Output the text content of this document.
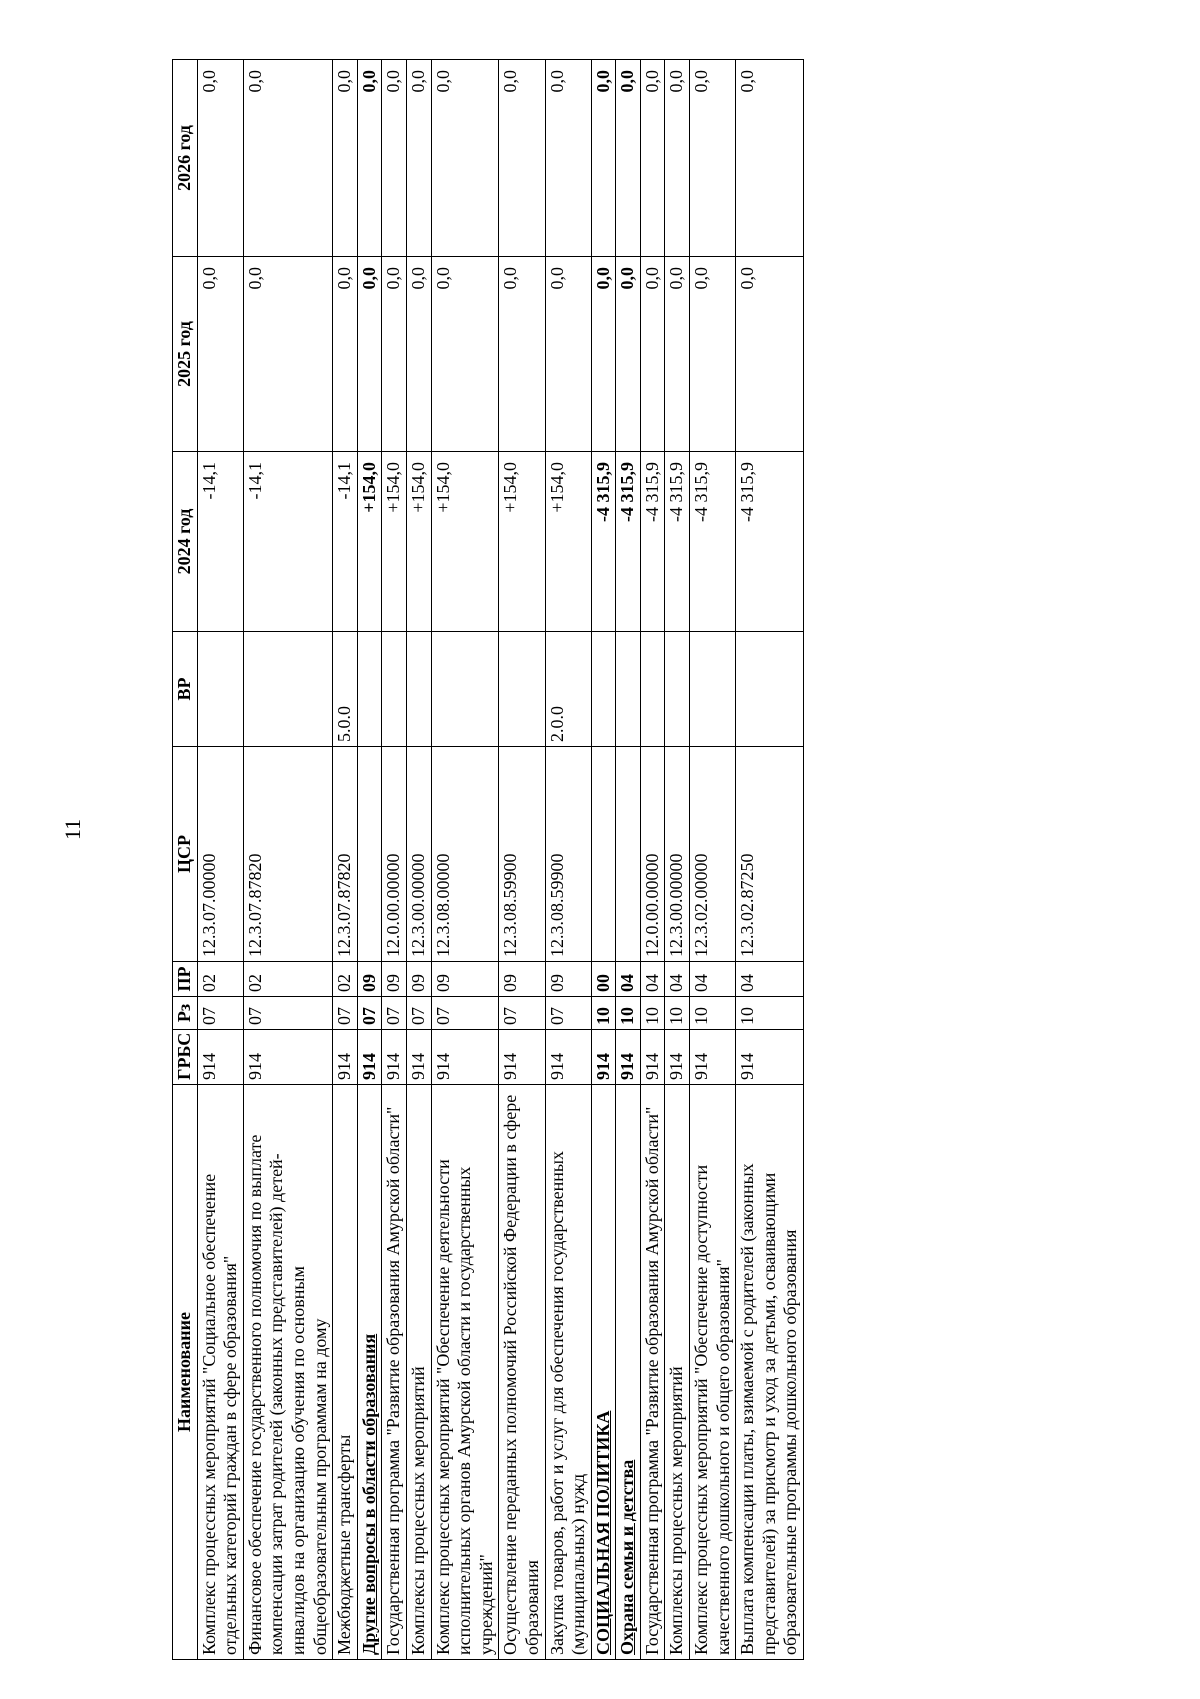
11
Наименование	ГРБС	Рз	ПР	ЦСР	ВР	2024 год	2025 год	2026 год
Комплекс процессных мероприятий "Социальное обеспечение отдельных категорий граждан в сфере образования"	914	07	02	12.3.07.00000		-14,1	0,0	0,0
Финансовое обеспечение государственного полномочия по выплате компенсации затрат родителей (законных представителей) детей-инвалидов на организацию обучения по основным общеобразовательным программам на дому	914	07	02	12.3.07.87820		-14,1	0,0	0,0
Межбюджетные трансферты	914	07	02	12.3.07.87820	5.0.0	-14,1	0,0	0,0
Другие вопросы в области образования	914	07	09			+154,0	0,0	0,0
Государственная программа "Развитие образования Амурской области"	914	07	09	12.0.00.00000		+154,0	0,0	0,0
Комплексы процессных мероприятий	914	07	09	12.3.00.00000		+154,0	0,0	0,0
Комплекс процессных мероприятий "Обеспечение деятельности исполнительных органов Амурской области и государственных учреждений"	914	07	09	12.3.08.00000		+154,0	0,0	0,0
Осуществление переданных полномочий Российской Федерации в сфере образования	914	07	09	12.3.08.59900		+154,0	0,0	0,0
Закупка товаров, работ и услуг для обеспечения государственных (муниципальных) нужд	914	07	09	12.3.08.59900	2.0.0	+154,0	0,0	0,0
СОЦИАЛЬНАЯ ПОЛИТИКА	914	10	00			-4 315,9	0,0	0,0
Охрана семьи и детства	914	10	04			-4 315,9	0,0	0,0
Государственная программа "Развитие образования Амурской области"	914	10	04	12.0.00.00000		-4 315,9	0,0	0,0
Комплексы процессных мероприятий	914	10	04	12.3.00.00000		-4 315,9	0,0	0,0
Комплекс процессных мероприятий "Обеспечение доступности качественного дошкольного и общего образования"	914	10	04	12.3.02.00000		-4 315,9	0,0	0,0
Выплата компенсации платы, взимаемой с родителей (законных представителей) за присмотр и уход за детьми, осваивающими образовательные программы дошкольного образования	914	10	04	12.3.02.87250		-4 315,9	0,0	0,0
